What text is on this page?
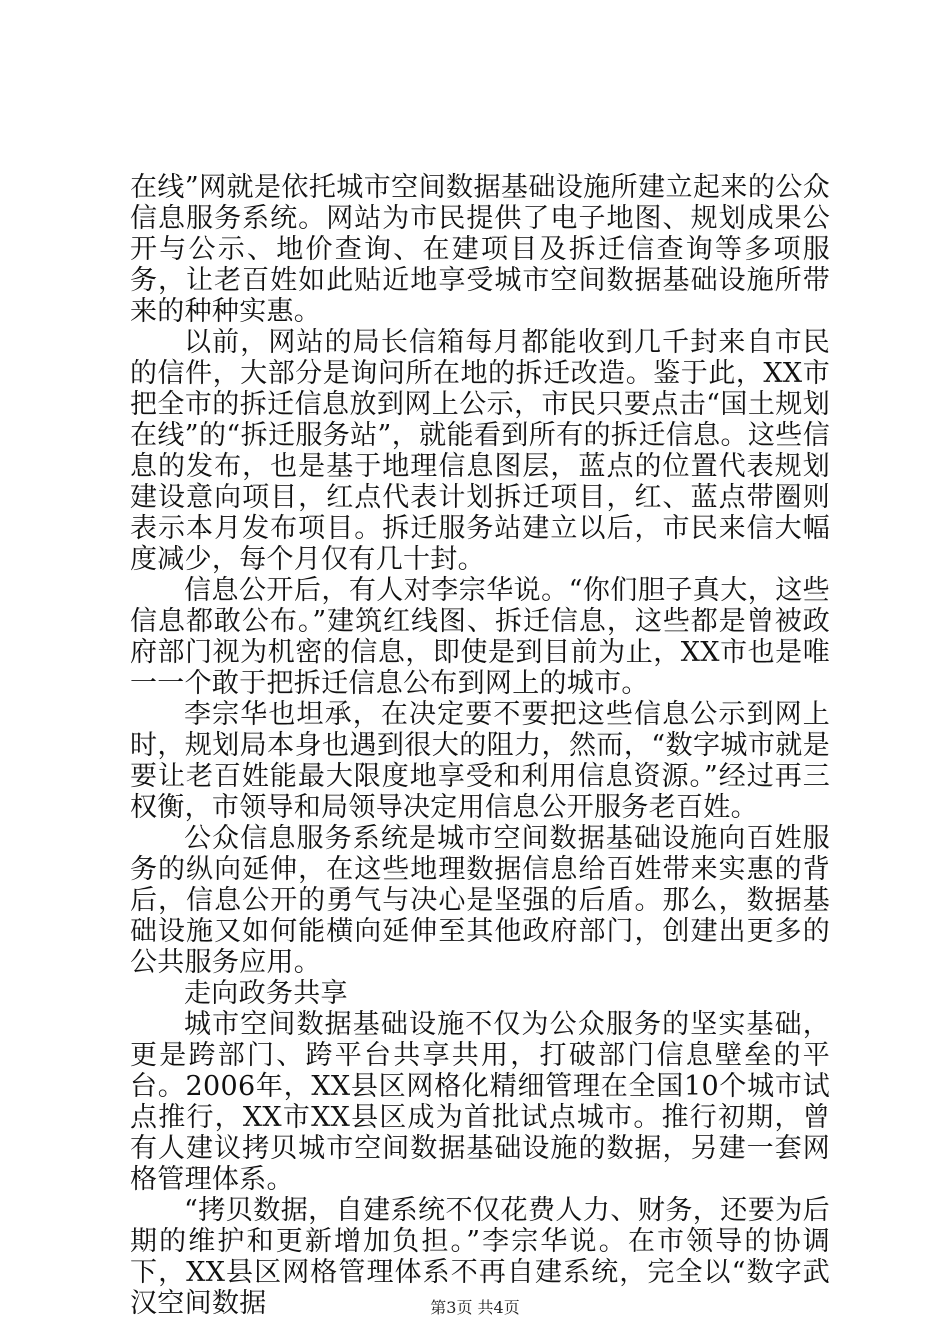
在线”网就是依托城市空间数据基础设施所建立起来的公众信息服务系统。网站为市民提供了电子地图、规划成果公开与公示、地价查询、在建项目及拆迁信查询等多项服务，让老百姓如此贴近地享受城市空间数据基础设施所带来的种种实惠。

以前，网站的局长信箱每月都能收到几千封来自市民的信件，大部分是询问所在地的拆迁改造。鉴于此，XX市把全市的拆迁信息放到网上公示，市民只要点击“国土规划在线”的“拆迁服务站”，就能看到所有的拆迁信息。这些信息的发布，也是基于地理信息图层，蓝点的位置代表规划建设意向项目，红点代表计划拆迁项目，红、蓝点带圈则表示本月发布项目。拆迁服务站建立以后，市民来信大幅度减少，每个月仅有几十封。

信息公开后，有人对李宗华说。“你们胆子真大，这些信息都敢公布。”建筑红线图、拆迁信息，这些都是曾被政府部门视为机密的信息，即使是到目前为止，XX市也是唯一一个敢于把拆迁信息公布到网上的城市。

李宗华也坦承，在决定要不要把这些信息公示到网上时，规划局本身也遇到很大的阻力，然而，“数字城市就是要让老百姓能最大限度地享受和利用信息资源。”经过再三权衡，市领导和局领导决定用信息公开服务老百姓。

公众信息服务系统是城市空间数据基础设施向百姓服务的纵向延伸，在这些地理数据信息给百姓带来实惠的背后，信息公开的勇气与决心是坚强的后盾。那么，数据基础设施又如何能横向延伸至其他政府部门，创建出更多的公共服务应用。

走向政务共享

城市空间数据基础设施不仅为公众服务的坚实基础，更是跨部门、跨平台共享共用，打破部门信息壁垒的平台。2006年，XX县区网格化精细管理在全国10个城市试点推行，XX市XX县区成为首批试点城市。推行初期，曾有人建议拷贝城市空间数据基础设施的数据，另建一套网格管理体系。

“拷贝数据，自建系统不仅花费人力、财务，还要为后期的维护和更新增加负担。”李宗华说。在市领导的协调下，XX县区网格管理体系不再自建系统，完全以“数字武汉空间数据	第3页 共4页
